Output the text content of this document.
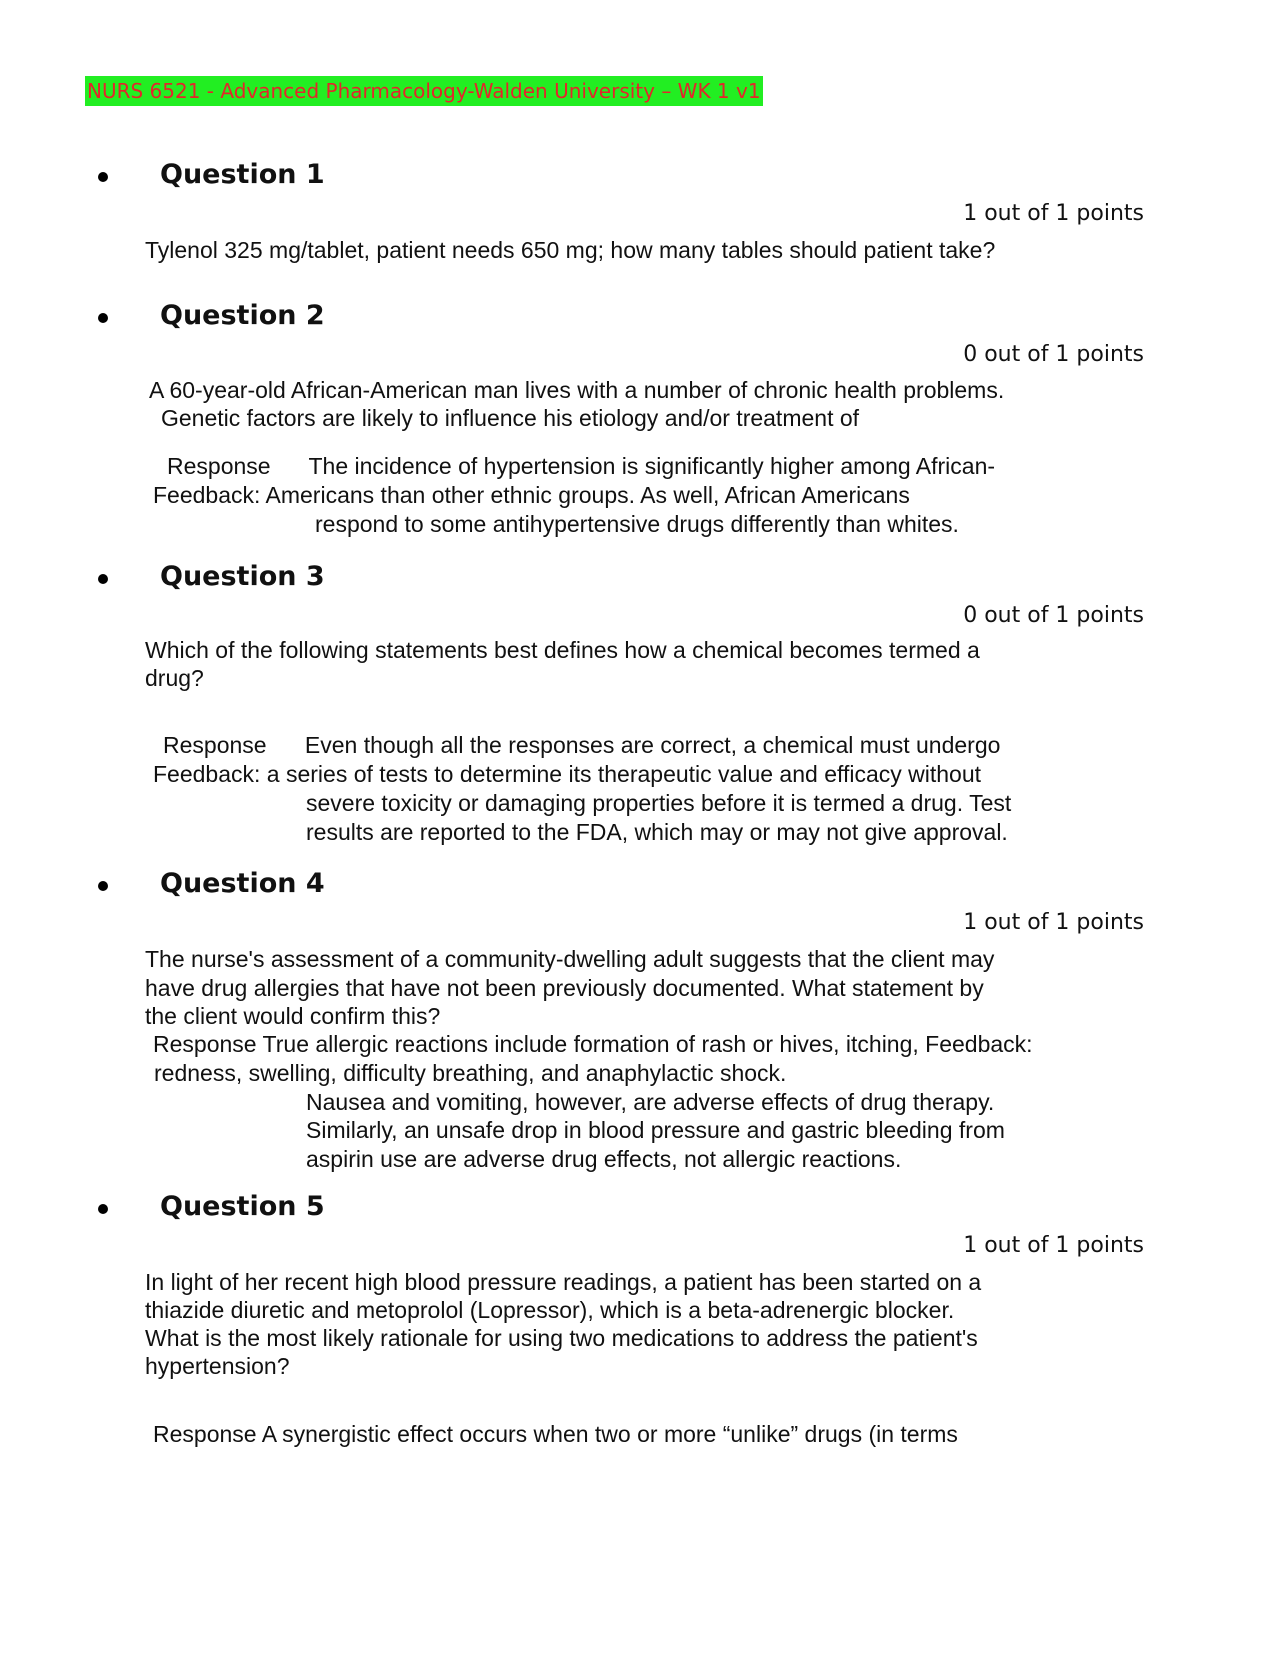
NURS 6521 - Advanced Pharmacology-Walden University – WK 1 v1
Question 1
1 out of 1 points
Tylenol 325 mg/tablet, patient needs 650 mg; how many tables should patient take?
Question 2
0 out of 1 points
A 60-year-old African-American man lives with a number of chronic health problems.
Genetic factors are likely to influence his etiology and/or treatment of
Response      The incidence of hypertension is significantly higher among African-
Feedback: Americans than other ethnic groups. As well, African Americans
respond to some antihypertensive drugs differently than whites.
Question 3
0 out of 1 points
Which of the following statements best defines how a chemical becomes termed a
drug?
Response      Even though all the responses are correct, a chemical must undergo
Feedback: a series of tests to determine its therapeutic value and efficacy without
severe toxicity or damaging properties before it is termed a drug. Test
results are reported to the FDA, which may or may not give approval.
Question 4
1 out of 1 points
The nurse's assessment of a community-dwelling adult suggests that the client may
have drug allergies that have not been previously documented. What statement by
the client would confirm this?
Response True allergic reactions include formation of rash or hives, itching, Feedback:
redness, swelling, difficulty breathing, and anaphylactic shock.
Nausea and vomiting, however, are adverse effects of drug therapy.
Similarly, an unsafe drop in blood pressure and gastric bleeding from
aspirin use are adverse drug effects, not allergic reactions.
Question 5
1 out of 1 points
In light of her recent high blood pressure readings, a patient has been started on a
thiazide diuretic and metoprolol (Lopressor), which is a beta-adrenergic blocker.
What is the most likely rationale for using two medications to address the patient's
hypertension?
Response A synergistic effect occurs when two or more “unlike” drugs (in terms
